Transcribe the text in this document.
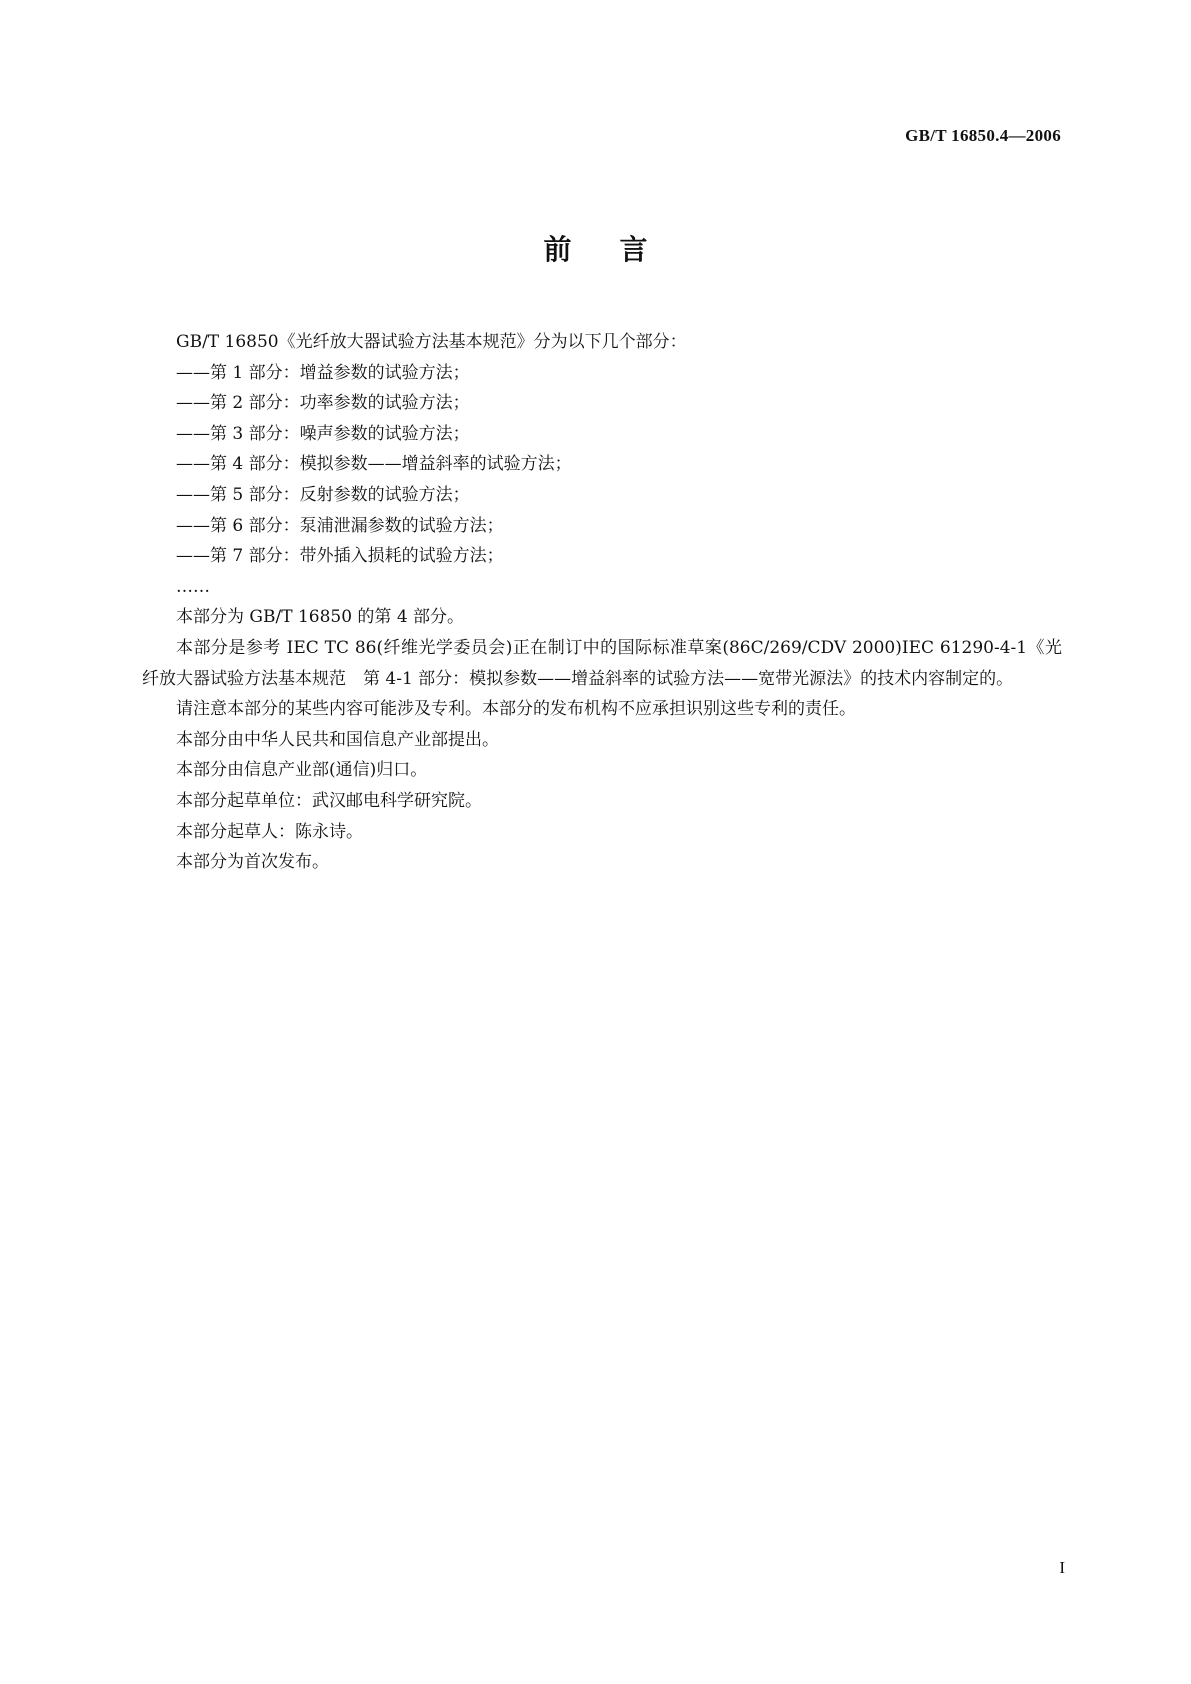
GB/T 16850.4—2006
前言
GB/T 16850《光纤放大器试验方法基本规范》分为以下几个部分：
——第 1 部分：增益参数的试验方法；
——第 2 部分：功率参数的试验方法；
——第 3 部分：噪声参数的试验方法；
——第 4 部分：模拟参数——增益斜率的试验方法；
——第 5 部分：反射参数的试验方法；
——第 6 部分：泵浦泄漏参数的试验方法；
——第 7 部分：带外插入损耗的试验方法；
……
本部分为 GB/T 16850 的第 4 部分。
本部分是参考 IEC TC 86(纤维光学委员会)正在制订中的国际标准草案(86C/269/CDV 2000)IEC 61290-4-1《光纤放大器试验方法基本规范　第 4-1 部分：模拟参数——增益斜率的试验方法——宽带光源法》的技术内容制定的。
请注意本部分的某些内容可能涉及专利。本部分的发布机构不应承担识别这些专利的责任。
本部分由中华人民共和国信息产业部提出。
本部分由信息产业部(通信)归口。
本部分起草单位：武汉邮电科学研究院。
本部分起草人：陈永诗。
本部分为首次发布。
I
